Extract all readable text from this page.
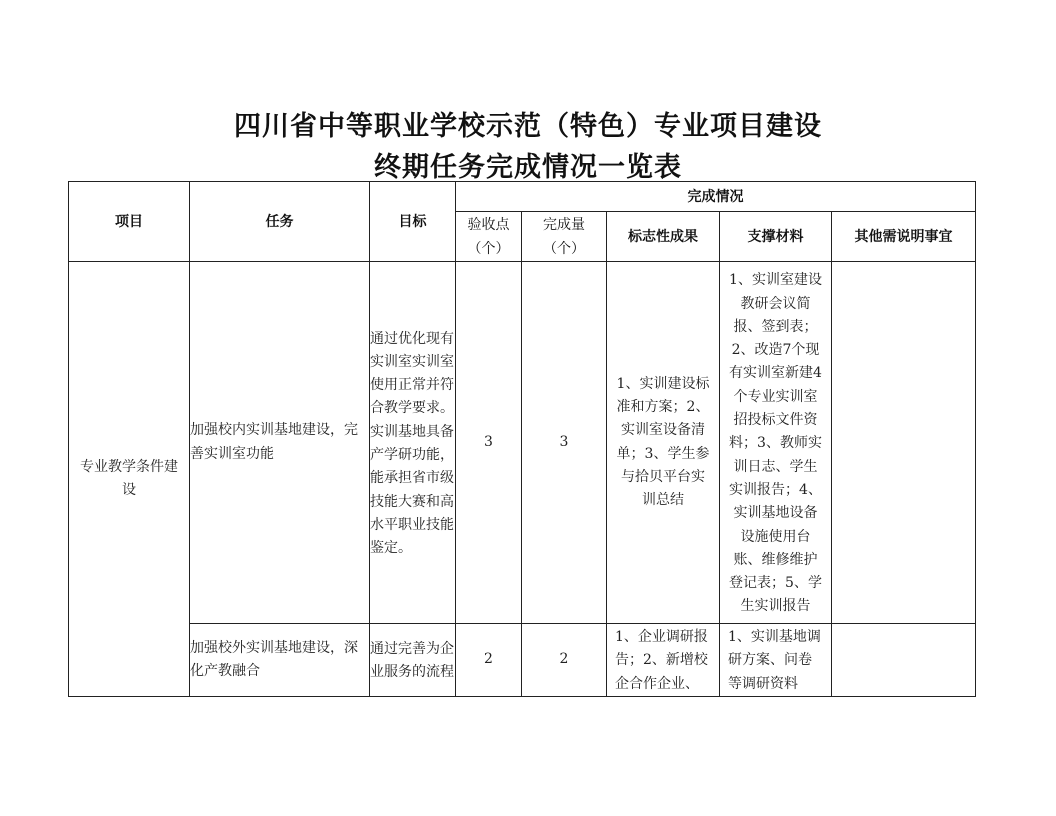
四川省中等职业学校示范（特色）专业项目建设
终期任务完成情况一览表
项目	任务	目标	完成情况				
			验收点（个）	完成量（个）	标志性成果	支撑材料	其他需说明事宜
专业教学条件建设	加强校内实训基地建设，完善实训室功能	通过优化现有实训室实训室使用正常并符合教学要求。实训基地具备产学研功能，能承担省市级技能大赛和高水平职业技能鉴定。	3	3	1、实训建设标准和方案；2、实训室设备清单；3、学生参与拾贝平台实训总结	1、实训室建设教研会议简报、签到表；2、改造7个现有实训室新建4个专业实训室招投标文件资料；3、教师实训日志、学生实训报告；4、实训基地设备设施使用台账、维修维护登记表；5、学生实训报告	
	加强校外实训基地建设，深化产教融合	通过完善为企业服务的流程	2	2	1、企业调研报告；2、新增校企合作企业、	1、实训基地调研方案、问卷等调研资料	
